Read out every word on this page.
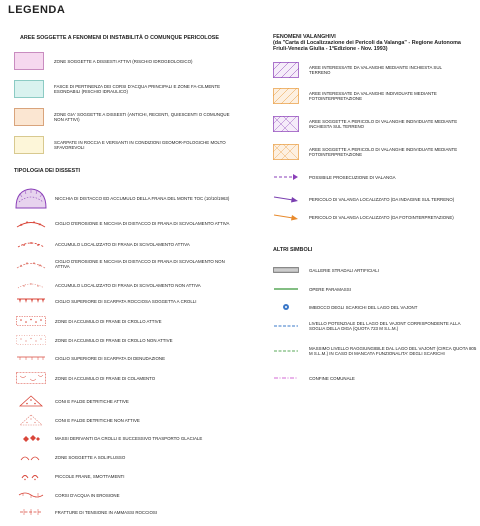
LEGENDA
AREE SOGGETTE A FENOMENI DI INSTABILITÀ O COMUNQUE PERICOLOSE
ZONE SOGGETTE A DISSESTI ATTIVI (RISCHIO IDROGEOLOGICO)
FASCE DI PERTINENZA DEI CORSI D'ACQUA PRINCIPALI E ZONE FA-CILMENTE ESONDABILI (RISCHIO IDRAULICO)
ZONE GIA' SOGGETTE A DISSESTI (ANTICHI, RECENTI, QUIESCENTI O COMUNQUE NON ATTIVI)
SCARPATE IN ROCCIA E VERSANTI IN CONDIZIONI GEOMOR-FOLOGICHE MOLTO SFAVOREVOLI
TIPOLOGIA DEI DISSESTI
NICCHIA DI DISTACCO ED ACCUMULO DELLA FRANA DEL MONTE TOC (10/10/1963)
CIGLIO D'EROSIONE E NICCHIA DI DISTACCO DI FRANA DI SCIVOLAMENTO ATTIVA
ACCUMULO LOCALIZZATO DI FRANA DI SCIVOLAMENTO ATTIVA
CIGLIO D'EROSIONE E NICCHIA DI DISTACCO DI FRANA DI SCIVOLAMENTO NON ATTIVA
ACCUMULO LOCALIZZATO DI FRANA DI SCIVOLAMENTO NON ATTIVA
CIGLIO SUPERIORE DI SCARPATA ROCCIOSA SOGGETTA A CROLLI
ZONE DI ACCUMULO DI FRANE DI CROLLO ATTIVE
ZONE DI ACCUMULO DI FRANE DI CROLLO NON ATTIVE
CIGLIO SUPERIORE DI SCARPATA DI DENUDAZIONE
ZONE DI ACCUMULO DI FRANE DI COLAMENTO
CONI E FALDE DETRITICHE ATTIVE
CONI E FALDE DETRITICHE NON ATTIVE
MASSI DERIVANTI DA CROLLI E SUCCESSIVO TRASPORTO GLACIALE
ZONE SOGGETTE A SOLIFLUSSO
PICCOLE FRANE, SMOTTAMENTI
CORSI D'ACQUA IN EROSIONE
FRATTURE DI TENSIONE IN AMMASSI ROCCIOSI
FENOMENI VALANGHIVI
(da "Carta di Localizzazione dei Pericoli da Valanga" - Regione Autonoma Friuli-Venezia Giulia - 1ªEdizione - Nov. 1993)
AREE INTERESSATE DA VALANGHE MEDIANTE INCHIESTA SUL TERRENO
AREE INTERESSATE DA VALANGHE INDIVIDUATE MEDIANTE FOTOINTERPRETAZIONE
AREE SOGGETTE A PERICOLO DI VALANGHE INDIVIDUATE MEDIANTE INCHIESTA SUL TERRENO
AREE SOGGETTE A PERICOLO DI VALANGHE INDIVIDUATE MEDIANTE FOTOINTERPRETAZIONE
POSSIBILE PROSECUZIONE DI VALANGA
PERICOLO DI VALANGA LOCALIZZATO (DA INDAGINE SUL TERRENO)
PERICOLO DI VALANGA LOCALIZZATO (DA FOTOINTERPRETAZIONE)
ALTRI SIMBOLI
GALLERIE STRADALI ARTIFICIALI
OPERE PARAMASSI
IMBOCCO DEGLI SCARICHI DEL LAGO DEL VAJONT
LIVELLO POTENZIALE DEL LAGO DEL VAJONT CORRISPONDENTE ALLA SOGLIA DELLA DIGA (QUOTA 723 M S.L.M.)
MASSIMO LIVELLO RAGGIUNGIBILE DAL LAGO DEL VAJONT (CIRCA QUOTA 805 M S.L.M.) IN CASO DI MANCATA FUNZIONALITA' DEGLI SCARICHI
CONFINE COMUNALE
